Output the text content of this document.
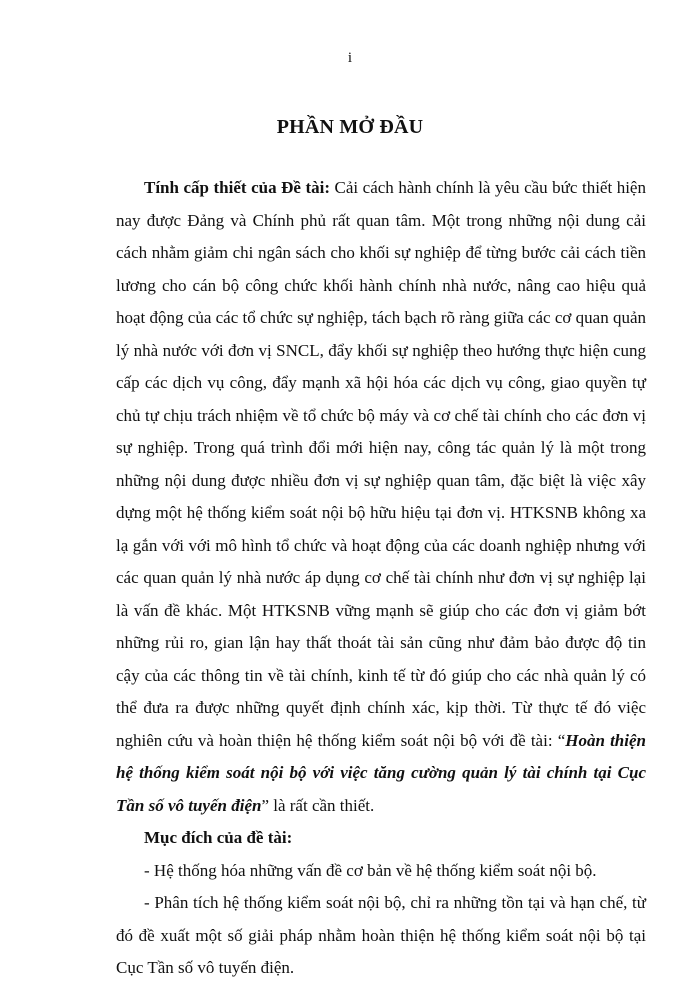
i
PHẦN MỞ ĐẦU

Tính cấp thiết của Đề tài: Cải cách hành chính là yêu cầu bức thiết hiện nay được Đảng và Chính phủ rất quan tâm. Một trong những nội dung cải cách nhằm giảm chi ngân sách cho khối sự nghiệp để từng bước cải cách tiền lương cho cán bộ công chức khối hành chính nhà nước, nâng cao hiệu quả hoạt động của các tổ chức sự nghiệp, tách bạch rõ ràng giữa các cơ quan quản lý nhà nước với đơn vị SNCL, đẩy khối sự nghiệp theo hướng thực hiện cung cấp các dịch vụ công, đẩy mạnh xã hội hóa các dịch vụ công, giao quyền tự chủ tự chịu trách nhiệm về tổ chức bộ máy và cơ chế tài chính cho các đơn vị sự nghiệp. Trong quá trình đổi mới hiện nay, công tác quản lý là một trong những nội dung được nhiều đơn vị sự nghiệp quan tâm, đặc biệt là việc xây dựng một hệ thống kiểm soát nội bộ hữu hiệu tại đơn vị. HTKSNB không xa lạ gắn với với mô hình tổ chức và hoạt động của các doanh nghiệp nhưng với các quan quản lý nhà nước áp dụng cơ chế tài chính như đơn vị sự nghiệp lại là vấn đề khác. Một HTKSNB vững mạnh sẽ giúp cho các đơn vị giảm bớt những rủi ro, gian lận hay thất thoát tài sản cũng như đảm bảo được độ tin cậy của các thông tin về tài chính, kinh tế từ đó giúp cho các nhà quản lý có thể đưa ra được những quyết định chính xác, kịp thời. Từ thực tế đó việc nghiên cứu và hoàn thiện hệ thống kiểm soát nội bộ với đề tài: “Hoàn thiện hệ thống kiểm soát nội bộ với việc tăng cường quản lý tài chính tại Cục Tần số vô tuyến điện” là rất cần thiết.

Mục đích của đề tài:

- Hệ thống hóa những vấn đề cơ bản về hệ thống kiểm soát nội bộ.

- Phân tích hệ thống kiểm soát nội bộ, chỉ ra những tồn tại và hạn chế, từ đó đề xuất một số giải pháp nhằm hoàn thiện hệ thống kiểm soát nội bộ tại Cục Tần số vô tuyến điện.
